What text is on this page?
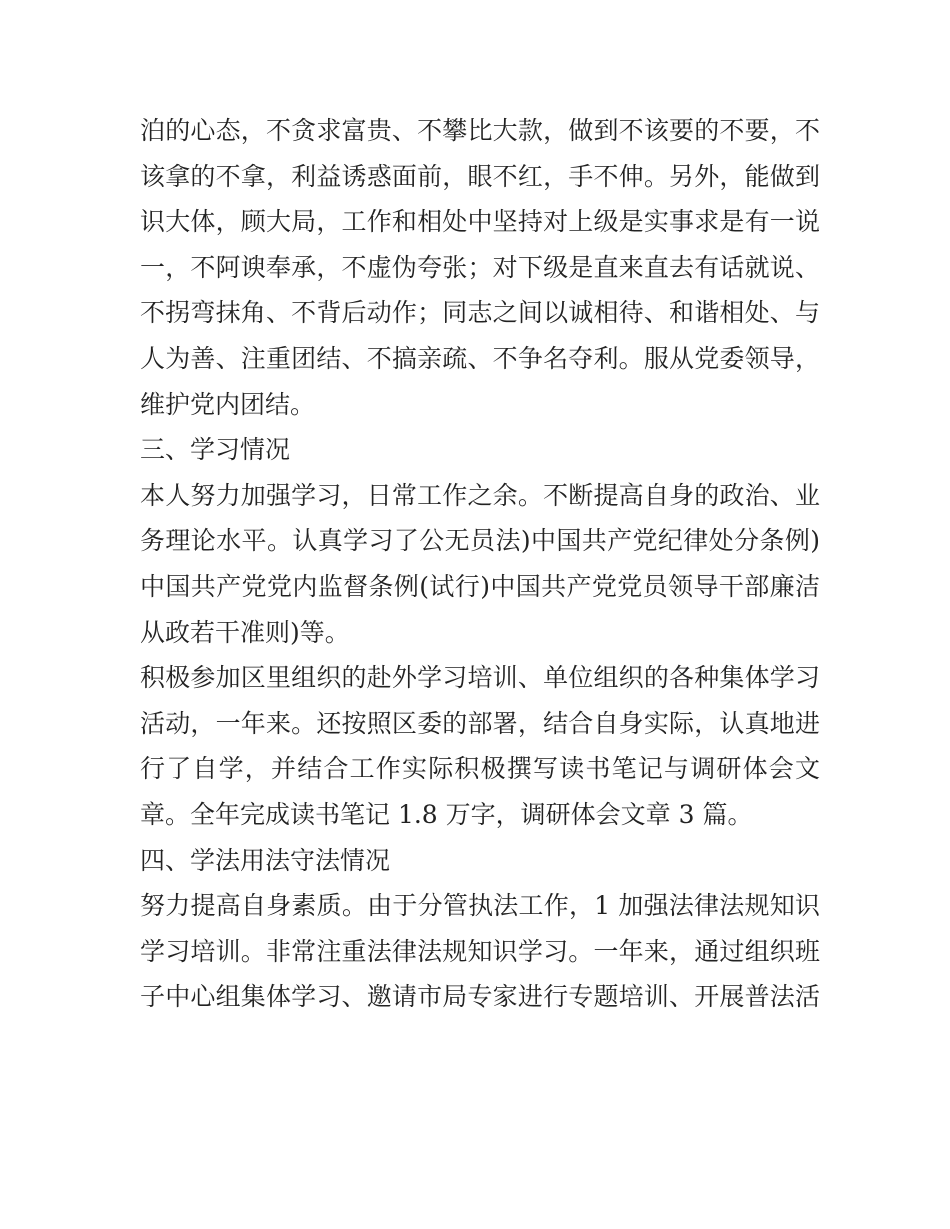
泊的心态，不贪求富贵、不攀比大款，做到不该要的不要，不
该拿的不拿，利益诱惑面前，眼不红，手不伸。另外，能做到
识大体，顾大局，工作和相处中坚持对上级是实事求是有一说
一，不阿谀奉承，不虚伪夸张；对下级是直来直去有话就说、
不拐弯抹角、不背后动作；同志之间以诚相待、和谐相处、与
人为善、注重团结、不搞亲疏、不争名夺利。服从党委领导，
维护党内团结。
三、学习情况
本人努力加强学习，日常工作之余。不断提高自身的政治、业
务理论水平。认真学习了公无员法)中国共产党纪律处分条例)
中国共产党党内监督条例(试行)中国共产党党员领导干部廉洁
从政若干准则)等。
积极参加区里组织的赴外学习培训、单位组织的各种集体学习
活动，一年来。还按照区委的部署，结合自身实际，认真地进
行了自学，并结合工作实际积极撰写读书笔记与调研体会文
章。全年完成读书笔记 1.8 万字，调研体会文章 3 篇。
四、学法用法守法情况
努力提高自身素质。由于分管执法工作，1 加强法律法规知识
学习培训。非常注重法律法规知识学习。一年来，通过组织班
子中心组集体学习、邀请市局专家进行专题培训、开展普法活
